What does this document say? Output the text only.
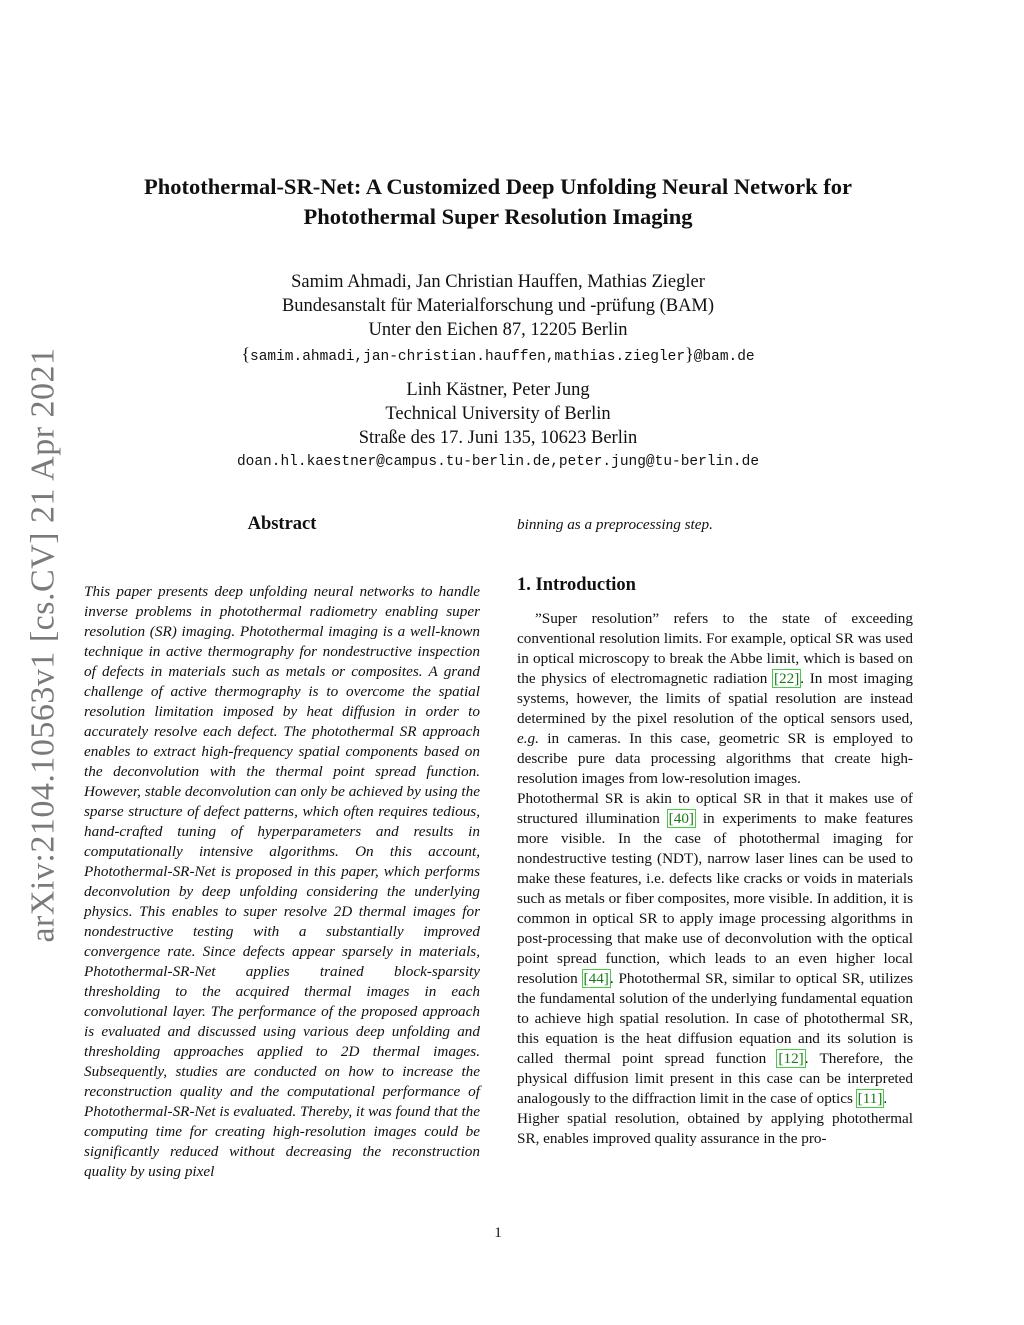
arXiv:2104.10563v1 [cs.CV] 21 Apr 2021

Photothermal-SR-Net: A Customized Deep Unfolding Neural Network for
Photothermal Super Resolution Imaging

Samim Ahmadi, Jan Christian Hauffen, Mathias Ziegler
Bundesanstalt für Materialforschung und -prüfung (BAM)
Unter den Eichen 87, 12205 Berlin
{samim.ahmadi,jan-christian.hauffen,mathias.ziegler}@bam.de
Linh Kästner, Peter Jung
Technical University of Berlin
Straße des 17. Juni 135, 10623 Berlin
doan.hl.kaestner@campus.tu-berlin.de,peter.jung@tu-berlin.de
Abstract

This paper presents deep unfolding neural networks to handle inverse problems in photothermal radiometry enabling super resolution (SR) imaging. Photothermal imaging is a well-known technique in active thermography for nondestructive inspection of defects in materials such as metals or composites. A grand challenge of active thermography is to overcome the spatial resolution limitation imposed by heat diffusion in order to accurately resolve each defect. The photothermal SR approach enables to extract high-frequency spatial components based on the deconvolution with the thermal point spread function. However, stable deconvolution can only be achieved by using the sparse structure of defect patterns, which often requires tedious, hand-crafted tuning of hyperparameters and results in computationally intensive algorithms. On this account, Photothermal-SR-Net is proposed in this paper, which performs deconvolution by deep unfolding considering the underlying physics. This enables to super resolve 2D thermal images for nondestructive testing with a substantially improved convergence rate. Since defects appear sparsely in materials, Photothermal-SR-Net applies trained block-sparsity thresholding to the acquired thermal images in each convolutional layer. The performance of the proposed approach is evaluated and discussed using various deep unfolding and thresholding approaches applied to 2D thermal images. Subsequently, studies are conducted on how to increase the reconstruction quality and the computational performance of Photothermal-SR-Net is evaluated. Thereby, it was found that the computing time for creating high-resolution images could be significantly reduced without decreasing the reconstruction quality by using pixel

binning as a preprocessing step.
1. Introduction

”Super resolution” refers to the state of exceeding conventional resolution limits. For example, optical SR was used in optical microscopy to break the Abbe limit, which is based on the physics of electromagnetic radiation [22]. In most imaging systems, however, the limits of spatial resolution are instead determined by the pixel resolution of the optical sensors used, e.g. in cameras. In this case, geometric SR is employed to describe pure data processing algorithms that create high-resolution images from low-resolution images.

Photothermal SR is akin to optical SR in that it makes use of structured illumination [40] in experiments to make features more visible. In the case of photothermal imaging for nondestructive testing (NDT), narrow laser lines can be used to make these features, i.e. defects like cracks or voids in materials such as metals or fiber composites, more visible. In addition, it is common in optical SR to apply image processing algorithms in post-processing that make use of deconvolution with the optical point spread function, which leads to an even higher local resolution [44]. Photothermal SR, similar to optical SR, utilizes the fundamental solution of the underlying fundamental equation to achieve high spatial resolution. In case of photothermal SR, this equation is the heat diffusion equation and its solution is called thermal point spread function [12]. Therefore, the physical diffusion limit present in this case can be interpreted analogously to the diffraction limit in the case of optics [11].

Higher spatial resolution, obtained by applying photothermal SR, enables improved quality assurance in the pro-

1
